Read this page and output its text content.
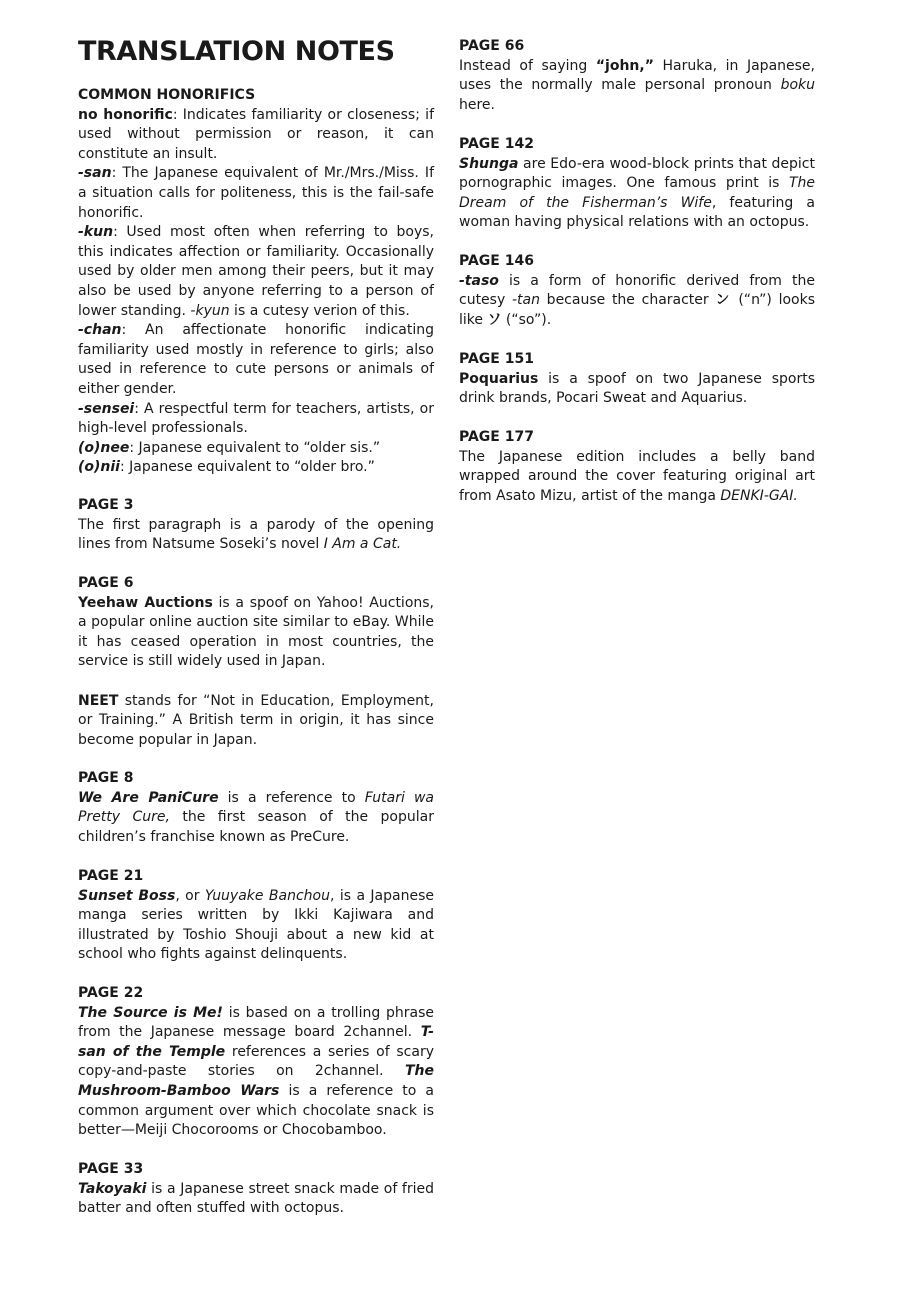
TRANSLATION NOTES

COMMON HONORIFICS

no honorific: Indicates familiarity or closeness; if used without permission or reason, it can constitute an insult.

-san: The Japanese equivalent of Mr./Mrs./Miss. If a situation calls for politeness, this is the fail-safe honorific.

-kun: Used most often when referring to boys, this indicates affection or familiarity. Occasionally used by older men among their peers, but it may also be used by anyone referring to a person of lower standing. -kyun is a cutesy verion of this.

-chan: An affectionate honorific indicating familiarity used mostly in reference to girls; also used in reference to cute persons or animals of either gender.

-sensei: A respectful term for teachers, artists, or high-level professionals.

(o)nee: Japanese equivalent to “older sis.”

(o)nii: Japanese equivalent to “older bro.”

PAGE 3

The first paragraph is a parody of the opening lines from Natsume Soseki’s novel I Am a Cat.

PAGE 6

Yeehaw Auctions is a spoof on Yahoo! Auctions, a popular online auction site similar to eBay. While it has ceased operation in most countries, the service is still widely used in Japan.

NEET stands for “Not in Education, Employment, or Training.” A British term in origin, it has since become popular in Japan.

PAGE 8

We Are PaniCure is a reference to Futari wa Pretty Cure, the first season of the popular children’s franchise known as PreCure.

PAGE 21

Sunset Boss, or Yuuyake Banchou, is a Japanese manga series written by Ikki Kajiwara and illustrated by Toshio Shouji about a new kid at school who fights against delinquents.

PAGE 22

The Source is Me! is based on a trolling phrase from the Japanese message board 2channel. T-san of the Temple references a series of scary copy-and-paste stories on 2channel. The Mushroom-Bamboo Wars is a reference to a common argument over which chocolate snack is better—Meiji Chocorooms or Chocobamboo.

PAGE 33

Takoyaki is a Japanese street snack made of fried batter and often stuffed with octopus.

PAGE 66

Instead of saying “john,” Haruka, in Japanese, uses the normally male personal pronoun boku here.

PAGE 142

Shunga are Edo-era wood-block prints that depict pornographic images. One famous print is The Dream of the Fisherman’s Wife, featuring a woman having physical relations with an octopus.

PAGE 146

-taso is a form of honorific derived from the cutesy -tan because the character ン (“n”) looks like ソ (“so”).

PAGE 151

Poquarius is a spoof on two Japanese sports drink brands, Pocari Sweat and Aquarius.

PAGE 177

The Japanese edition includes a belly band wrapped around the cover featuring original art from Asato Mizu, artist of the manga DENKI-GAI.
